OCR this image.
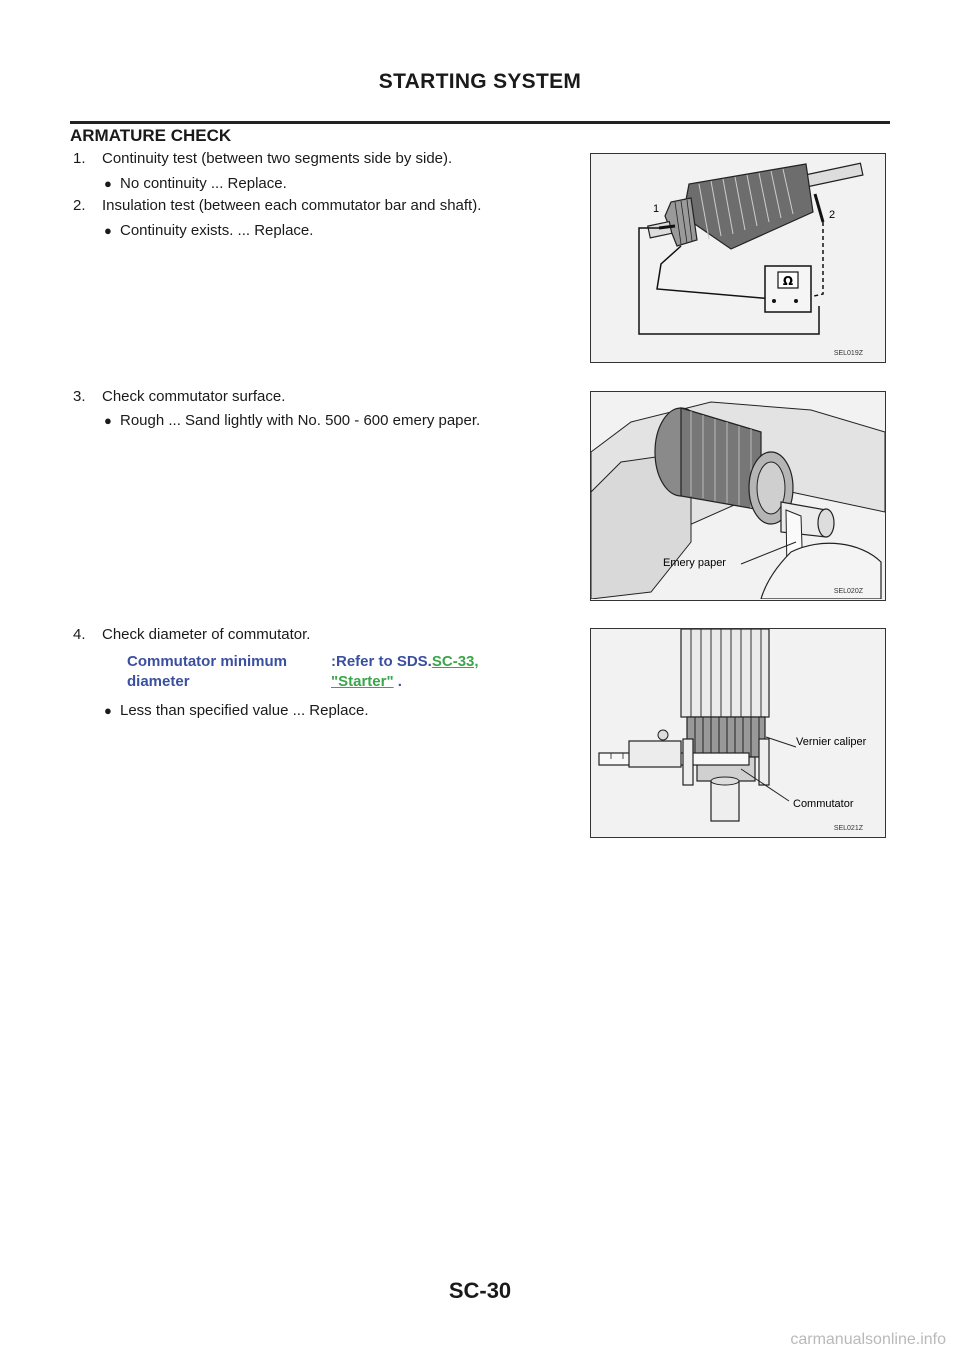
STARTING SYSTEM
ARMATURE CHECK
1. Continuity test (between two segments side by side).
● No continuity ... Replace.
2. Insulation test (between each commutator bar and shaft).
● Continuity exists. ... Replace.
3. Check commutator surface.
● Rough ... Sand lightly with No. 500 - 600 emery paper.
4. Check diameter of commutator.
Commutator minimum
diameter
:Refer to SDS.SC-33,
"Starter" .
● Less than specified value ... Replace.
Ω
1	2
SEL019Z
Emery paper
SEL020Z
Vernier caliper
Commutator
SEL021Z
SC-30
carmanualsonline.info
